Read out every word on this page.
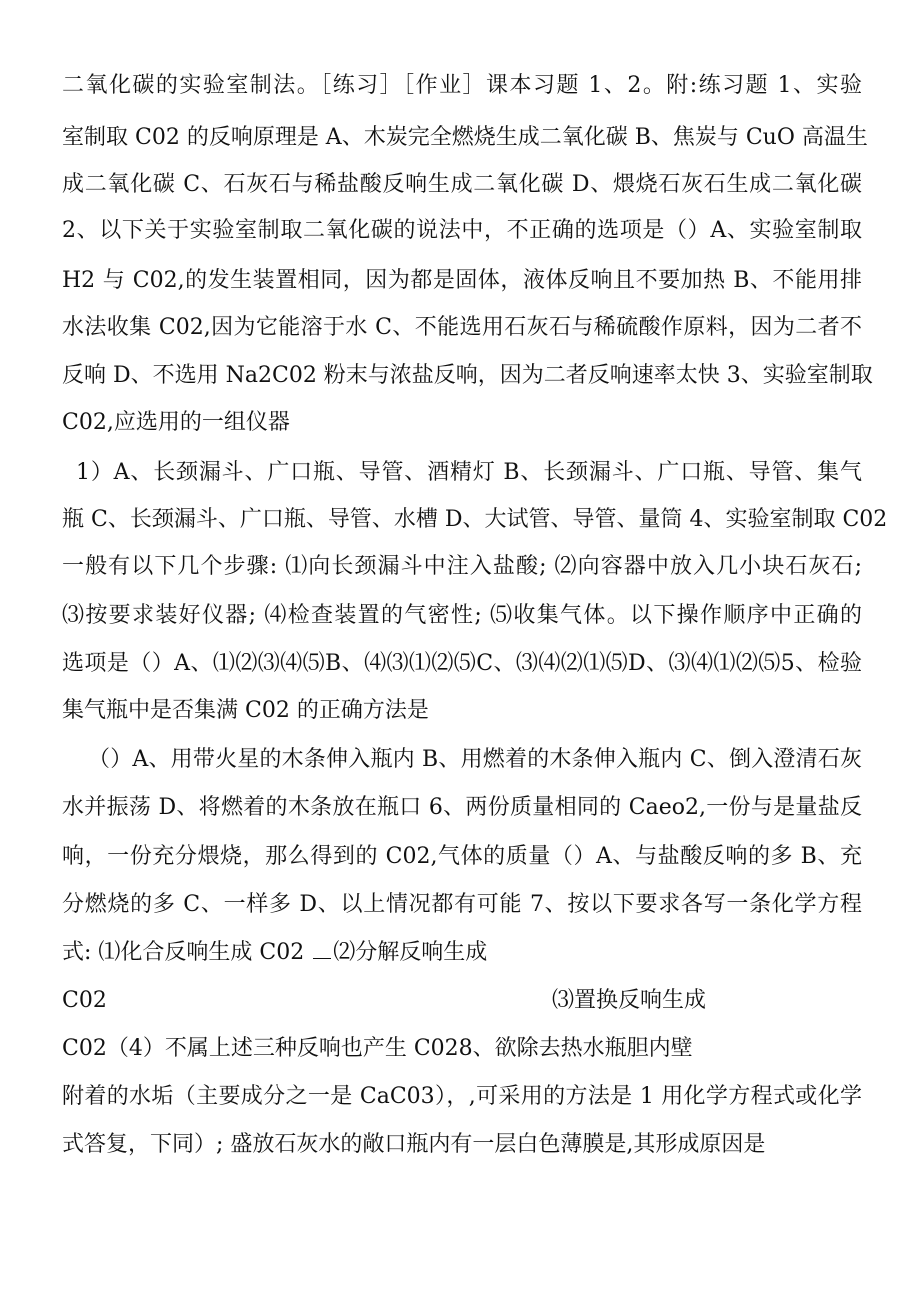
二氧化碳的实验室制法。［练习］［作业］课本习题 1、2。附:练习题 1、实验
室制取 C02 的反响原理是 A、木炭完全燃烧生成二氧化碳 B、焦炭与 CuO 高温生
成二氧化碳 C、石灰石与稀盐酸反响生成二氧化碳 D、煨烧石灰石生成二氧化碳
2、以下关于实验室制取二氧化碳的说法中，不正确的选项是（）A、实验室制取
H2 与 C02,的发生装置相同，因为都是固体，液体反响且不要加热 B、不能用排
水法收集 C02,因为它能溶于水 C、不能选用石灰石与稀硫酸作原料，因为二者不
反响 D、不选用 Na2C02 粉末与浓盐反响，因为二者反响速率太快 3、实验室制取
C02,应选用的一组仪器
1）A、长颈漏斗、广口瓶、导管、酒精灯 B、长颈漏斗、广口瓶、导管、集气
瓶 C、长颈漏斗、广口瓶、导管、水槽 D、大试管、导管、量筒 4、实验室制取 C02
一般有以下几个步骤: ⑴向长颈漏斗中注入盐酸; ⑵向容器中放入几小块石灰石;
⑶按要求装好仪器; ⑷检查装置的气密性; ⑸收集气体。以下操作顺序中正确的
选项是（）A、⑴⑵⑶⑷⑸B、⑷⑶⑴⑵⑸C、⑶⑷⑵⑴⑸D、⑶⑷⑴⑵⑸5、检验
集气瓶中是否集满 C02 的正确方法是
（）A、用带火星的木条伸入瓶内 B、用燃着的木条伸入瓶内 C、倒入澄清石灰
水并振荡 D、将燃着的木条放在瓶口 6、两份质量相同的 Caeo2,一份与是量盐反
响，一份充分煨烧，那么得到的 C02,气体的质量（）A、与盐酸反响的多 B、充
分燃烧的多 C、一样多 D、以上情况都有可能 7、按以下要求各写一条化学方程
式: ⑴化合反响生成 C02 ⑵分解反响生成
C02	⑶置换反响生成
C02（4）不属上述三种反响也产生 C028、欲除去热水瓶胆内壁
附着的水垢（主要成分之一是 CaC03），,可采用的方法是 1 用化学方程式或化学
式答复，下同）; 盛放石灰水的敞口瓶内有一层白色薄膜是,其形成原因是
